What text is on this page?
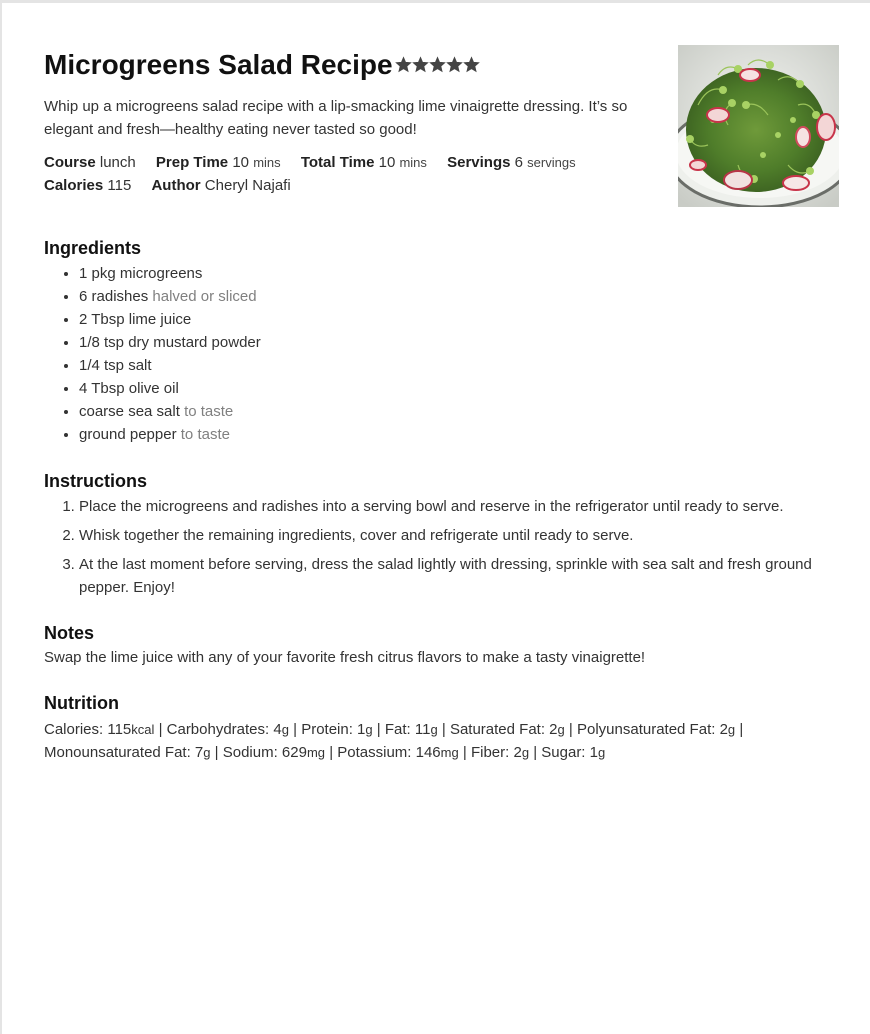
Microgreens Salad Recipe

Whip up a microgreens salad recipe with a lip-smacking lime vinaigrette dressing. It’s so elegant and fresh—healthy eating never tasted so good!

Course lunch Prep Time 10 mins Total Time 10 mins Servings 6 servings
Calories 115 Author Cheryl Najafi
Ingredients
• 1 pkg microgreens
• 6 radishes halved or sliced
• 2 Tbsp lime juice
• 1/8 tsp dry mustard powder
• 1/4 tsp salt
• 4 Tbsp olive oil
• coarse sea salt to taste
• ground pepper to taste
Instructions
1. Place the microgreens and radishes into a serving bowl and reserve in the refrigerator until ready to serve.
2. Whisk together the remaining ingredients, cover and refrigerate until ready to serve.
3. At the last moment before serving, dress the salad lightly with dressing, sprinkle with sea salt and fresh ground pepper. Enjoy!
Notes

Swap the lime juice with any of your favorite fresh citrus flavors to make a tasty vinaigrette!

Nutrition

Calories: 115kcal | Carbohydrates: 4g | Protein: 1g | Fat: 11g | Saturated Fat: 2g | Polyunsaturated Fat: 2g | Monounsaturated Fat: 7g | Sodium: 629mg | Potassium: 146mg | Fiber: 2g | Sugar: 1g
